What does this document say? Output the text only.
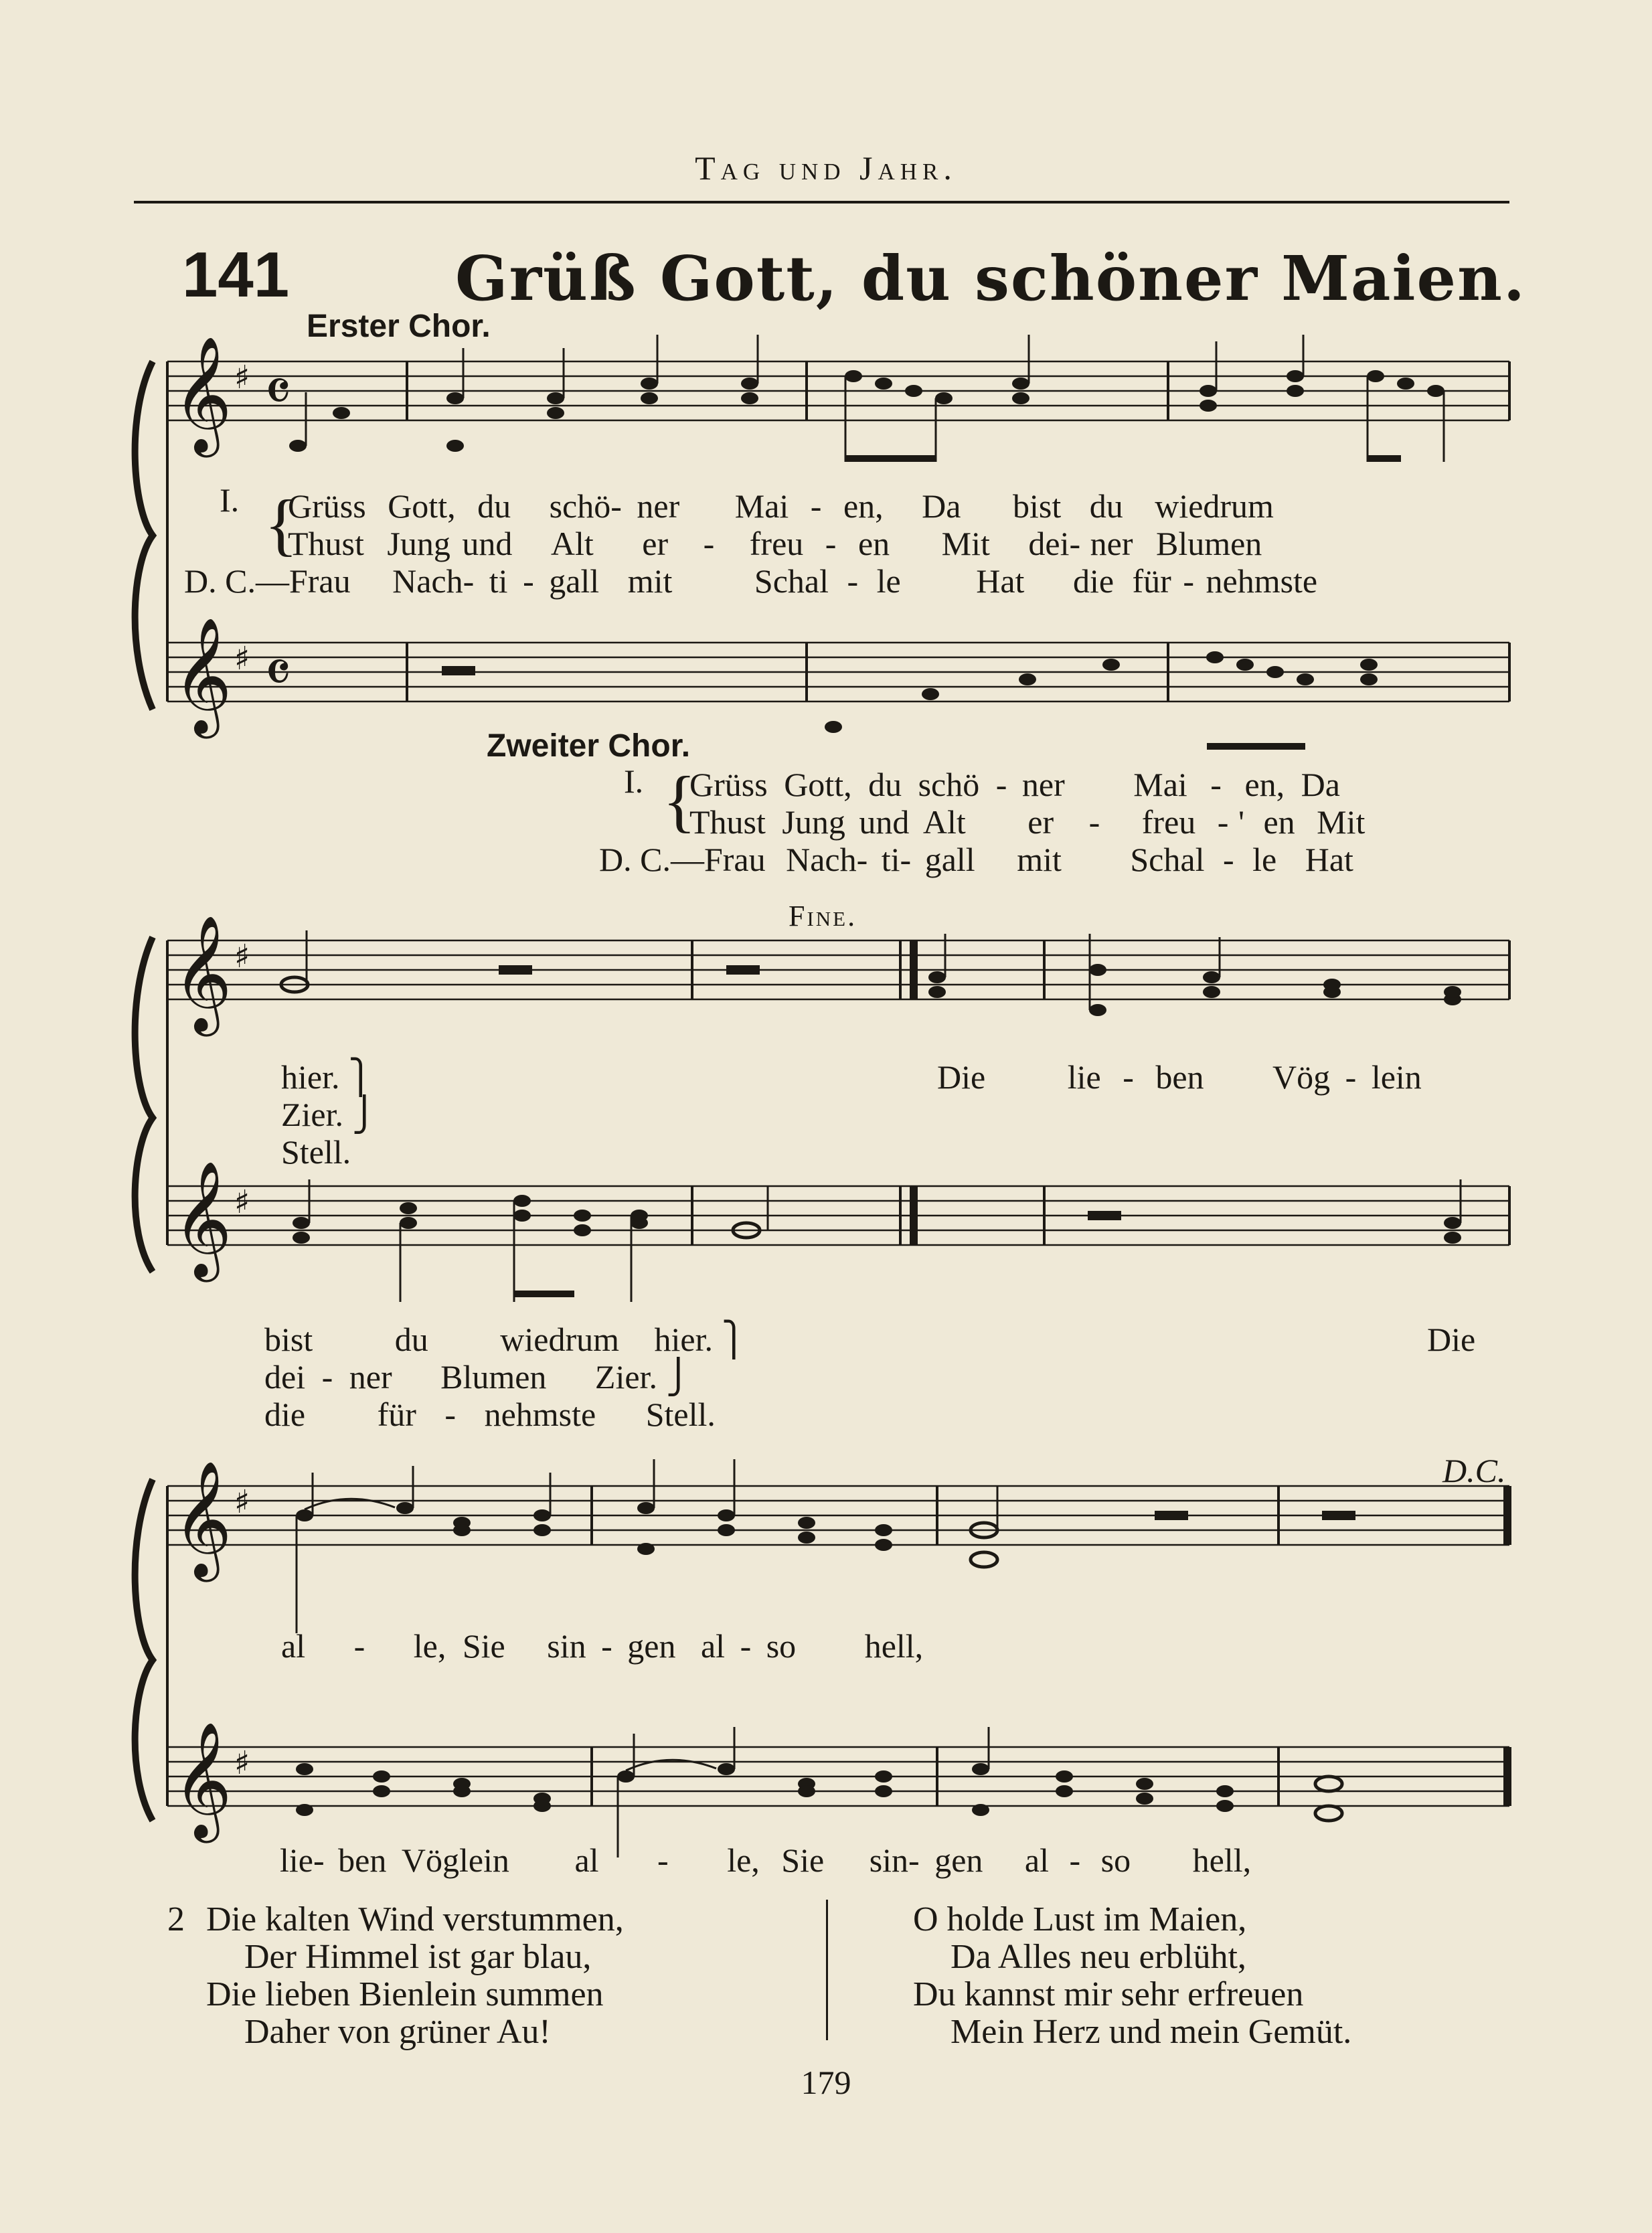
Tag und Jahr.
141	Grüß Gott, du schöner Maien.
Erster Chor.
𝄞
𝄞
♯
♯
𝄴
𝄴
I. {
Grüss Gott, du schö- ner Mai - en, Da bist du wiedrum
Thust Jung und Alt er - freu - en Mit dei- ner Blumen
D. C.—Frau Nach- ti - gall mit Schal - le Hat die für - nehmste
Zweiter Chor.
I. {
Grüss Gott, du schö - ner Mai - en, Da
Thust Jung und Alt er - freu - ' en Mit
D. C.—Frau Nach- ti- gall mit Schal - le Hat
Fine.
𝄞
𝄞
♯
♯
hier. ⎫
Zier. ⎭
Stell.
Die lie - ben Vög - lein
bist du wiedrum hier. ⎫
dei - ner Blumen Zier. ⎭
die für - nehmste Stell.
Die
D.C.
𝄞
𝄞
♯
♯
al - le, Sie sin - gen al - so hell,
lie- ben Vöglein al - le, Sie sin- gen al - so hell,
2 Die kalten Wind verstummen,
Der Himmel ist gar blau,
Die lieben Bienlein summen
Daher von grüner Au!
O holde Lust im Maien,
Da Alles neu erblüht,
Du kannst mir sehr erfreuen
Mein Herz und mein Gemüt.
179
